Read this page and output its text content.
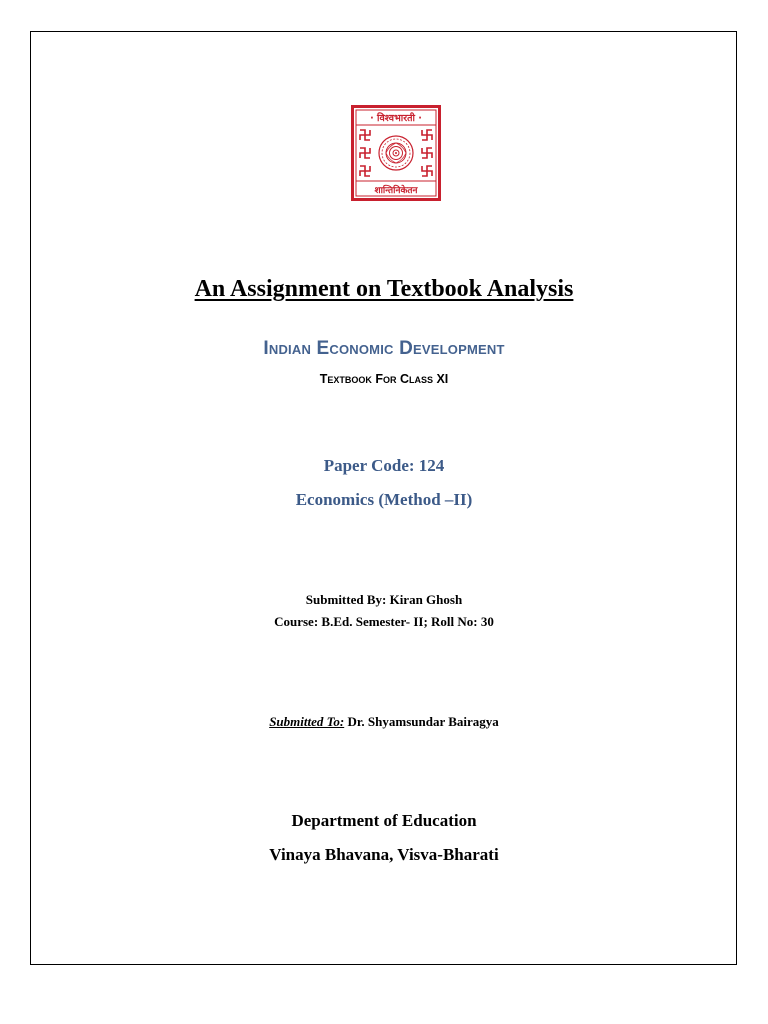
· विश्वभारती ·
शान्तिनिकेतन
An Assignment on Textbook Analysis
Indian Economic Development
Textbook For Class XI
Paper Code: 124
Economics (Method –II)
Submitted By: Kiran Ghosh
Course: B.Ed. Semester- II; Roll No: 30
Submitted To: Dr. Shyamsundar Bairagya
Department of Education
Vinaya Bhavana, Visva-Bharati
